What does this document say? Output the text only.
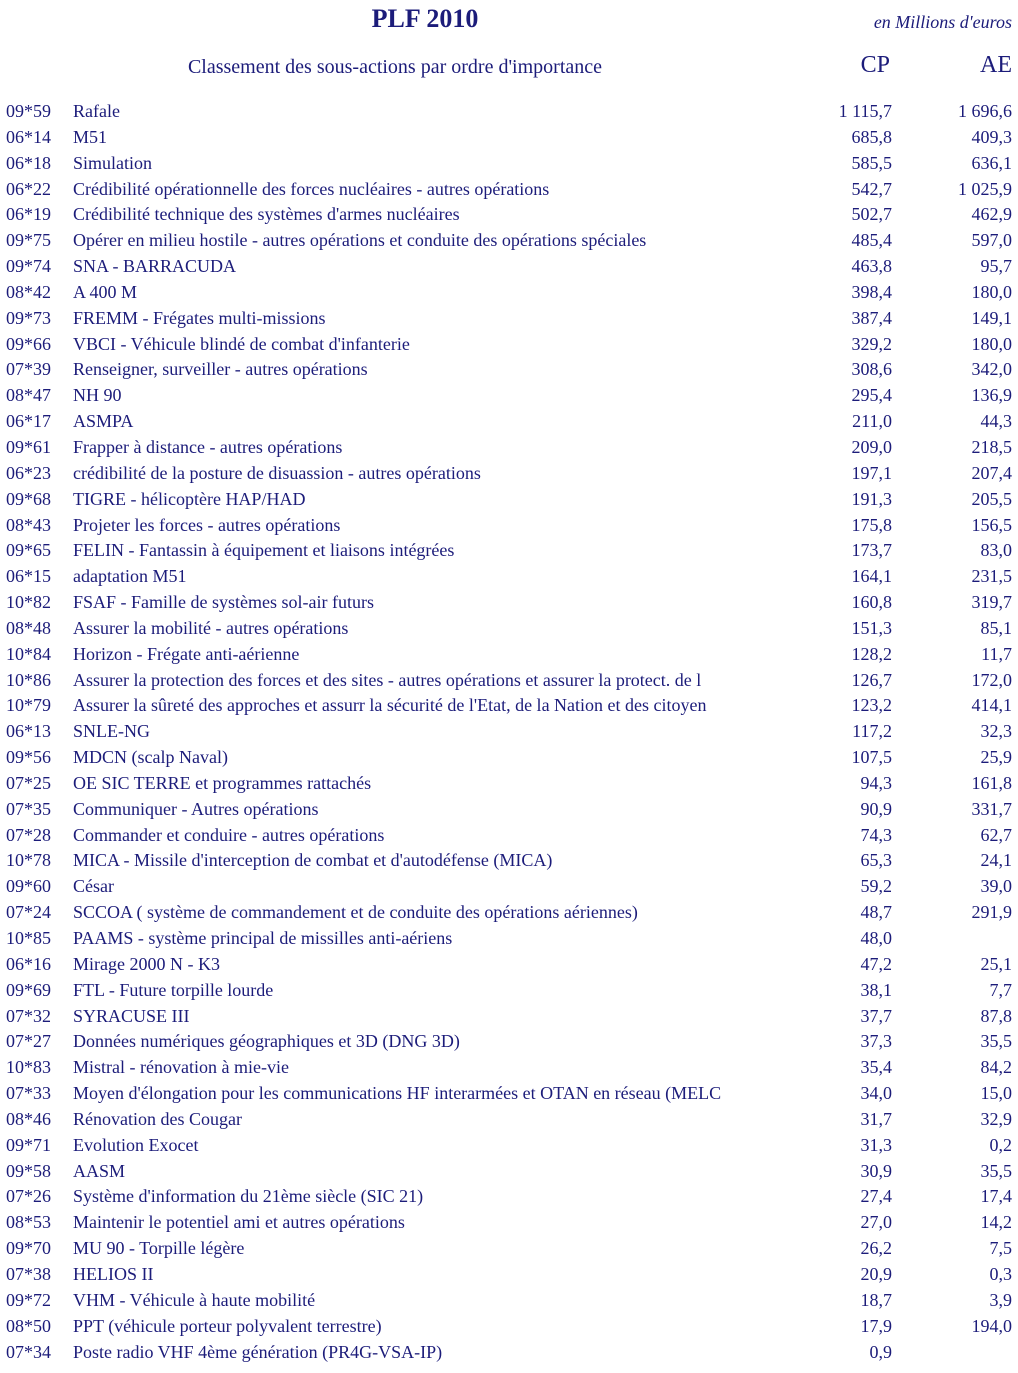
PLF 2010	en Millions d'euros
Classement des sous-actions par ordre d'importance	CP	AE
09*59 Rafale	1 115,7	1 696,6
06*14 M51	685,8	409,3
06*18 Simulation	585,5	636,1
06*22 Crédibilité opérationnelle des forces nucléaires - autres opérations	542,7	1 025,9
06*19 Crédibilité technique des systèmes d'armes nucléaires	502,7	462,9
09*75 Opérer en milieu hostile - autres opérations et conduite des opérations spéciales	485,4	597,0
09*74 SNA - BARRACUDA	463,8	95,7
08*42 A 400 M	398,4	180,0
09*73 FREMM - Frégates multi-missions	387,4	149,1
09*66 VBCI - Véhicule blindé de combat d'infanterie	329,2	180,0
07*39 Renseigner, surveiller - autres opérations	308,6	342,0
08*47 NH 90	295,4	136,9
06*17 ASMPA	211,0	44,3
09*61 Frapper à distance - autres opérations	209,0	218,5
06*23 crédibilité de la posture de disuassion - autres opérations	197,1	207,4
09*68 TIGRE - hélicoptère HAP/HAD	191,3	205,5
08*43 Projeter les forces - autres opérations	175,8	156,5
09*65 FELIN - Fantassin à équipement et liaisons intégrées	173,7	83,0
06*15 adaptation M51	164,1	231,5
10*82 FSAF - Famille de systèmes sol-air futurs	160,8	319,7
08*48 Assurer la mobilité - autres opérations	151,3	85,1
10*84 Horizon - Frégate anti-aérienne	128,2	11,7
10*86 Assurer la protection des forces et des sites - autres opérations et assurer la protect. de l	126,7	172,0
10*79 Assurer la sûreté des approches et assurr la sécurité de l'Etat, de la Nation et des citoyen	123,2	414,1
06*13 SNLE-NG	117,2	32,3
09*56 MDCN (scalp Naval)	107,5	25,9
07*25 OE SIC TERRE et programmes rattachés	94,3	161,8
07*35 Communiquer - Autres opérations	90,9	331,7
07*28 Commander et conduire - autres opérations	74,3	62,7
10*78 MICA - Missile d'interception de combat et d'autodéfense (MICA)	65,3	24,1
09*60 César	59,2	39,0
07*24 SCCOA ( système de commandement et de conduite des opérations aériennes)	48,7	291,9
10*85 PAAMS - système principal de missilles anti-aériens	48,0
06*16 Mirage 2000 N - K3	47,2	25,1
09*69 FTL - Future torpille lourde	38,1	7,7
07*32 SYRACUSE III	37,7	87,8
07*27 Données numériques géographiques et 3D (DNG 3D)	37,3	35,5
10*83 Mistral - rénovation à mie-vie	35,4	84,2
07*33 Moyen d'élongation pour les communications HF interarmées et OTAN en réseau (MELC	34,0	15,0
08*46 Rénovation des Cougar	31,7	32,9
09*71 Evolution Exocet	31,3	0,2
09*58 AASM	30,9	35,5
07*26 Système d'information du 21ème siècle (SIC 21)	27,4	17,4
08*53 Maintenir le potentiel ami et autres opérations	27,0	14,2
09*70 MU 90 - Torpille légère	26,2	7,5
07*38 HELIOS II	20,9	0,3
09*72 VHM - Véhicule à haute mobilité	18,7	3,9
08*50 PPT (véhicule porteur polyvalent terrestre)	17,9	194,0
07*34 Poste radio VHF 4ème génération (PR4G-VSA-IP)	0,9
